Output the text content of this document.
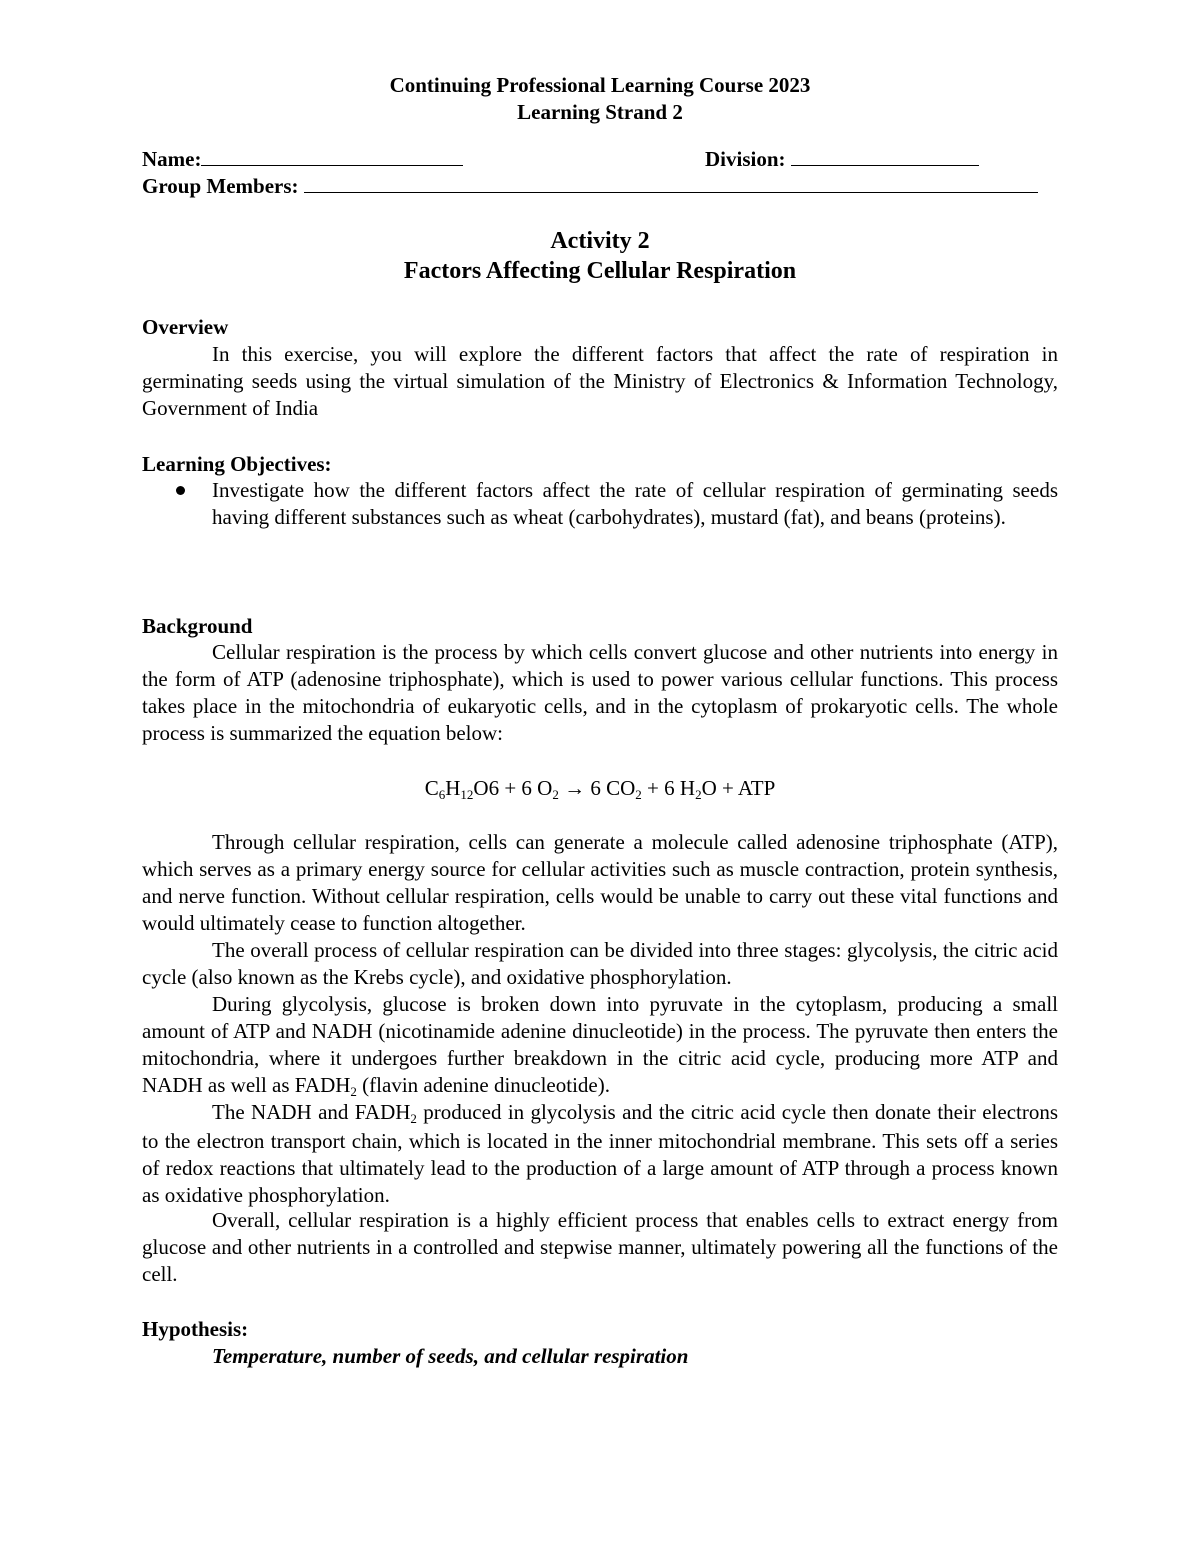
Continuing Professional Learning Course 2023
Learning Strand 2
Name:	Division:
Group Members:
Activity 2
Factors Affecting Cellular Respiration
Overview

In this exercise, you will explore the different factors that affect the rate of respiration in germinating seeds using the virtual simulation of the Ministry of Electronics & Information Technology, Government of India

Learning Objectives:
Investigate how the different factors affect the rate of cellular respiration of germinating seeds having different substances such as wheat (carbohydrates), mustard (fat), and beans (proteins).
Background

Cellular respiration is the process by which cells convert glucose and other nutrients into energy in the form of ATP (adenosine triphosphate), which is used to power various cellular functions. This process takes place in the mitochondria of eukaryotic cells, and in the cytoplasm of prokaryotic cells. The whole process is summarized the equation below:

$C_6H_{12}O6 + 6$ $O_2 \to 6$ $CO_2 + 6$ $H_2O$ + ATP

Through cellular respiration, cells can generate a molecule called adenosine triphosphate (ATP), which serves as a primary energy source for cellular activities such as muscle contraction, protein synthesis, and nerve function. Without cellular respiration, cells would be unable to carry out these vital functions and would ultimately cease to function altogether.

The overall process of cellular respiration can be divided into three stages: glycolysis, the citric acid cycle (also known as the Krebs cycle), and oxidative phosphorylation.

During glycolysis, glucose is broken down into pyruvate in the cytoplasm, producing a small amount of ATP and NADH (nicotinamide adenine dinucleotide) in the process. The pyruvate then enters the mitochondria, where it undergoes further breakdown in the citric acid cycle, producing more ATP and NADH as well as $FADH_2$ (flavin adenine dinucleotide).

The NADH and $FADH_2$ produced in glycolysis and the citric acid cycle then donate their electrons to the electron transport chain, which is located in the inner mitochondrial membrane. This sets off a series of redox reactions that ultimately lead to the production of a large amount of ATP through a process known as oxidative phosphorylation.

Overall, cellular respiration is a highly efficient process that enables cells to extract energy from glucose and other nutrients in a controlled and stepwise manner, ultimately powering all the functions of the cell.

Hypothesis:
Temperature, number of seeds, and cellular respiration
